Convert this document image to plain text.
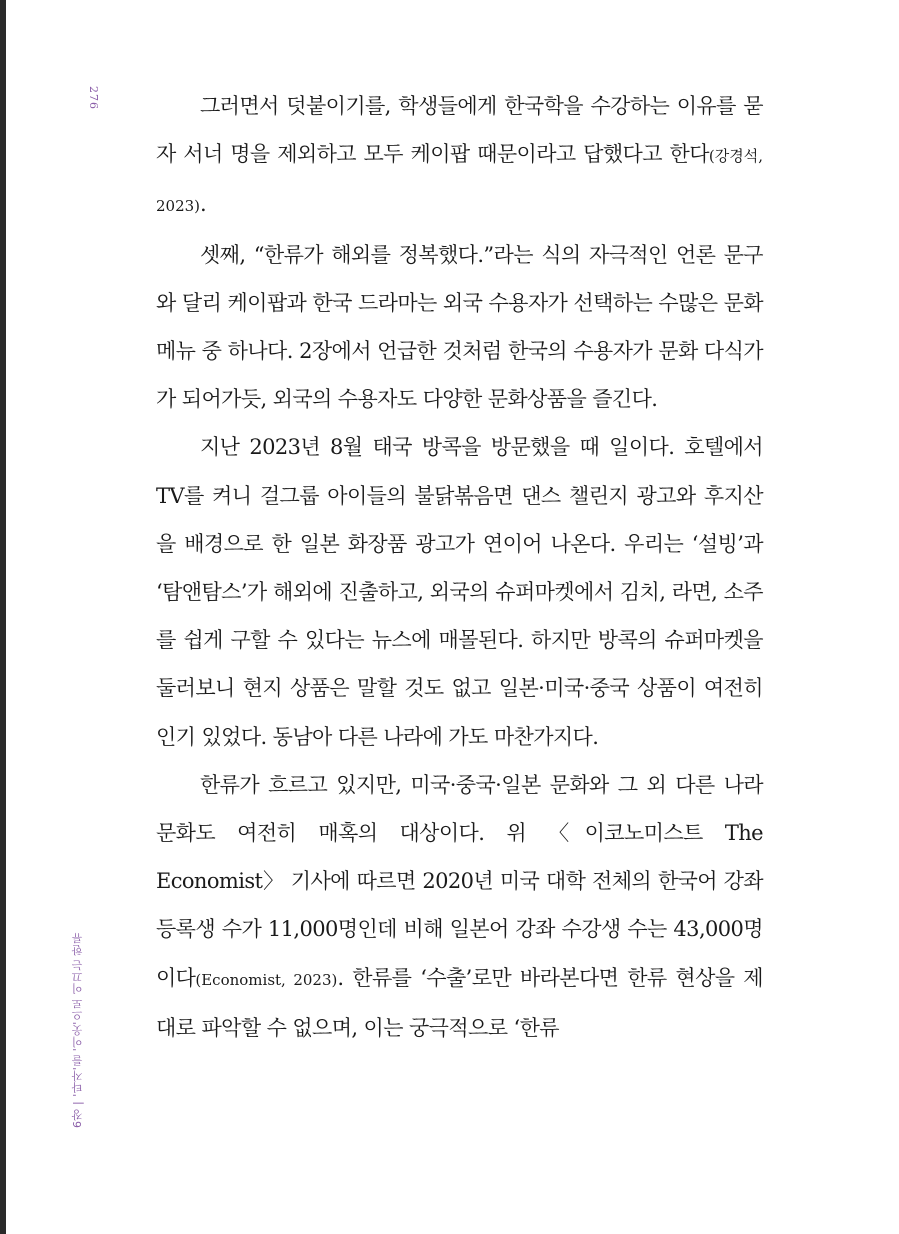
276
6장 | '타자'를 '이웃'으로 이끄는 한류

그러면서 덧붙이기를, 학생들에게 한국학을 수강하는 이유를 묻자 서너 명을 제외하고 모두 케이팝 때문이라고 답했다고 한다(강경석, 2023).

셋째, “한류가 해외를 정복했다.”라는 식의 자극적인 언론 문구와 달리 케이팝과 한국 드라마는 외국 수용자가 선택하는 수많은 문화 메뉴 중 하나다. 2장에서 언급한 것처럼 한국의 수용자가 문화 다식가가 되어가듯, 외국의 수용자도 다양한 문화상품을 즐긴다.

지난 2023년 8월 태국 방콕을 방문했을 때 일이다. 호텔에서 TV를 켜니 걸그룹 아이들의 불닭볶음면 댄스 챌린지 광고와 후지산을 배경으로 한 일본 화장품 광고가 연이어 나온다. 우리는 ‘설빙’과 ‘탐앤탐스’가 해외에 진출하고, 외국의 슈퍼마켓에서 김치, 라면, 소주를 쉽게 구할 수 있다는 뉴스에 매몰된다. 하지만 방콕의 슈퍼마켓을 둘러보니 현지 상품은 말할 것도 없고 일본·미국·중국 상품이 여전히 인기 있었다. 동남아 다른 나라에 가도 마찬가지다.

한류가 흐르고 있지만, 미국·중국·일본 문화와 그 외 다른 나라 문화도 여전히 매혹의 대상이다. 위 〈이코노미스트 The Economist〉 기사에 따르면 2020년 미국 대학 전체의 한국어 강좌 등록생 수가 11,000명인데 비해 일본어 강좌 수강생 수는 43,000명이다(Economist, 2023). 한류를 ‘수출’로만 바라본다면 한류 현상을 제대로 파악할 수 없으며, 이는 궁극적으로 ‘한류
